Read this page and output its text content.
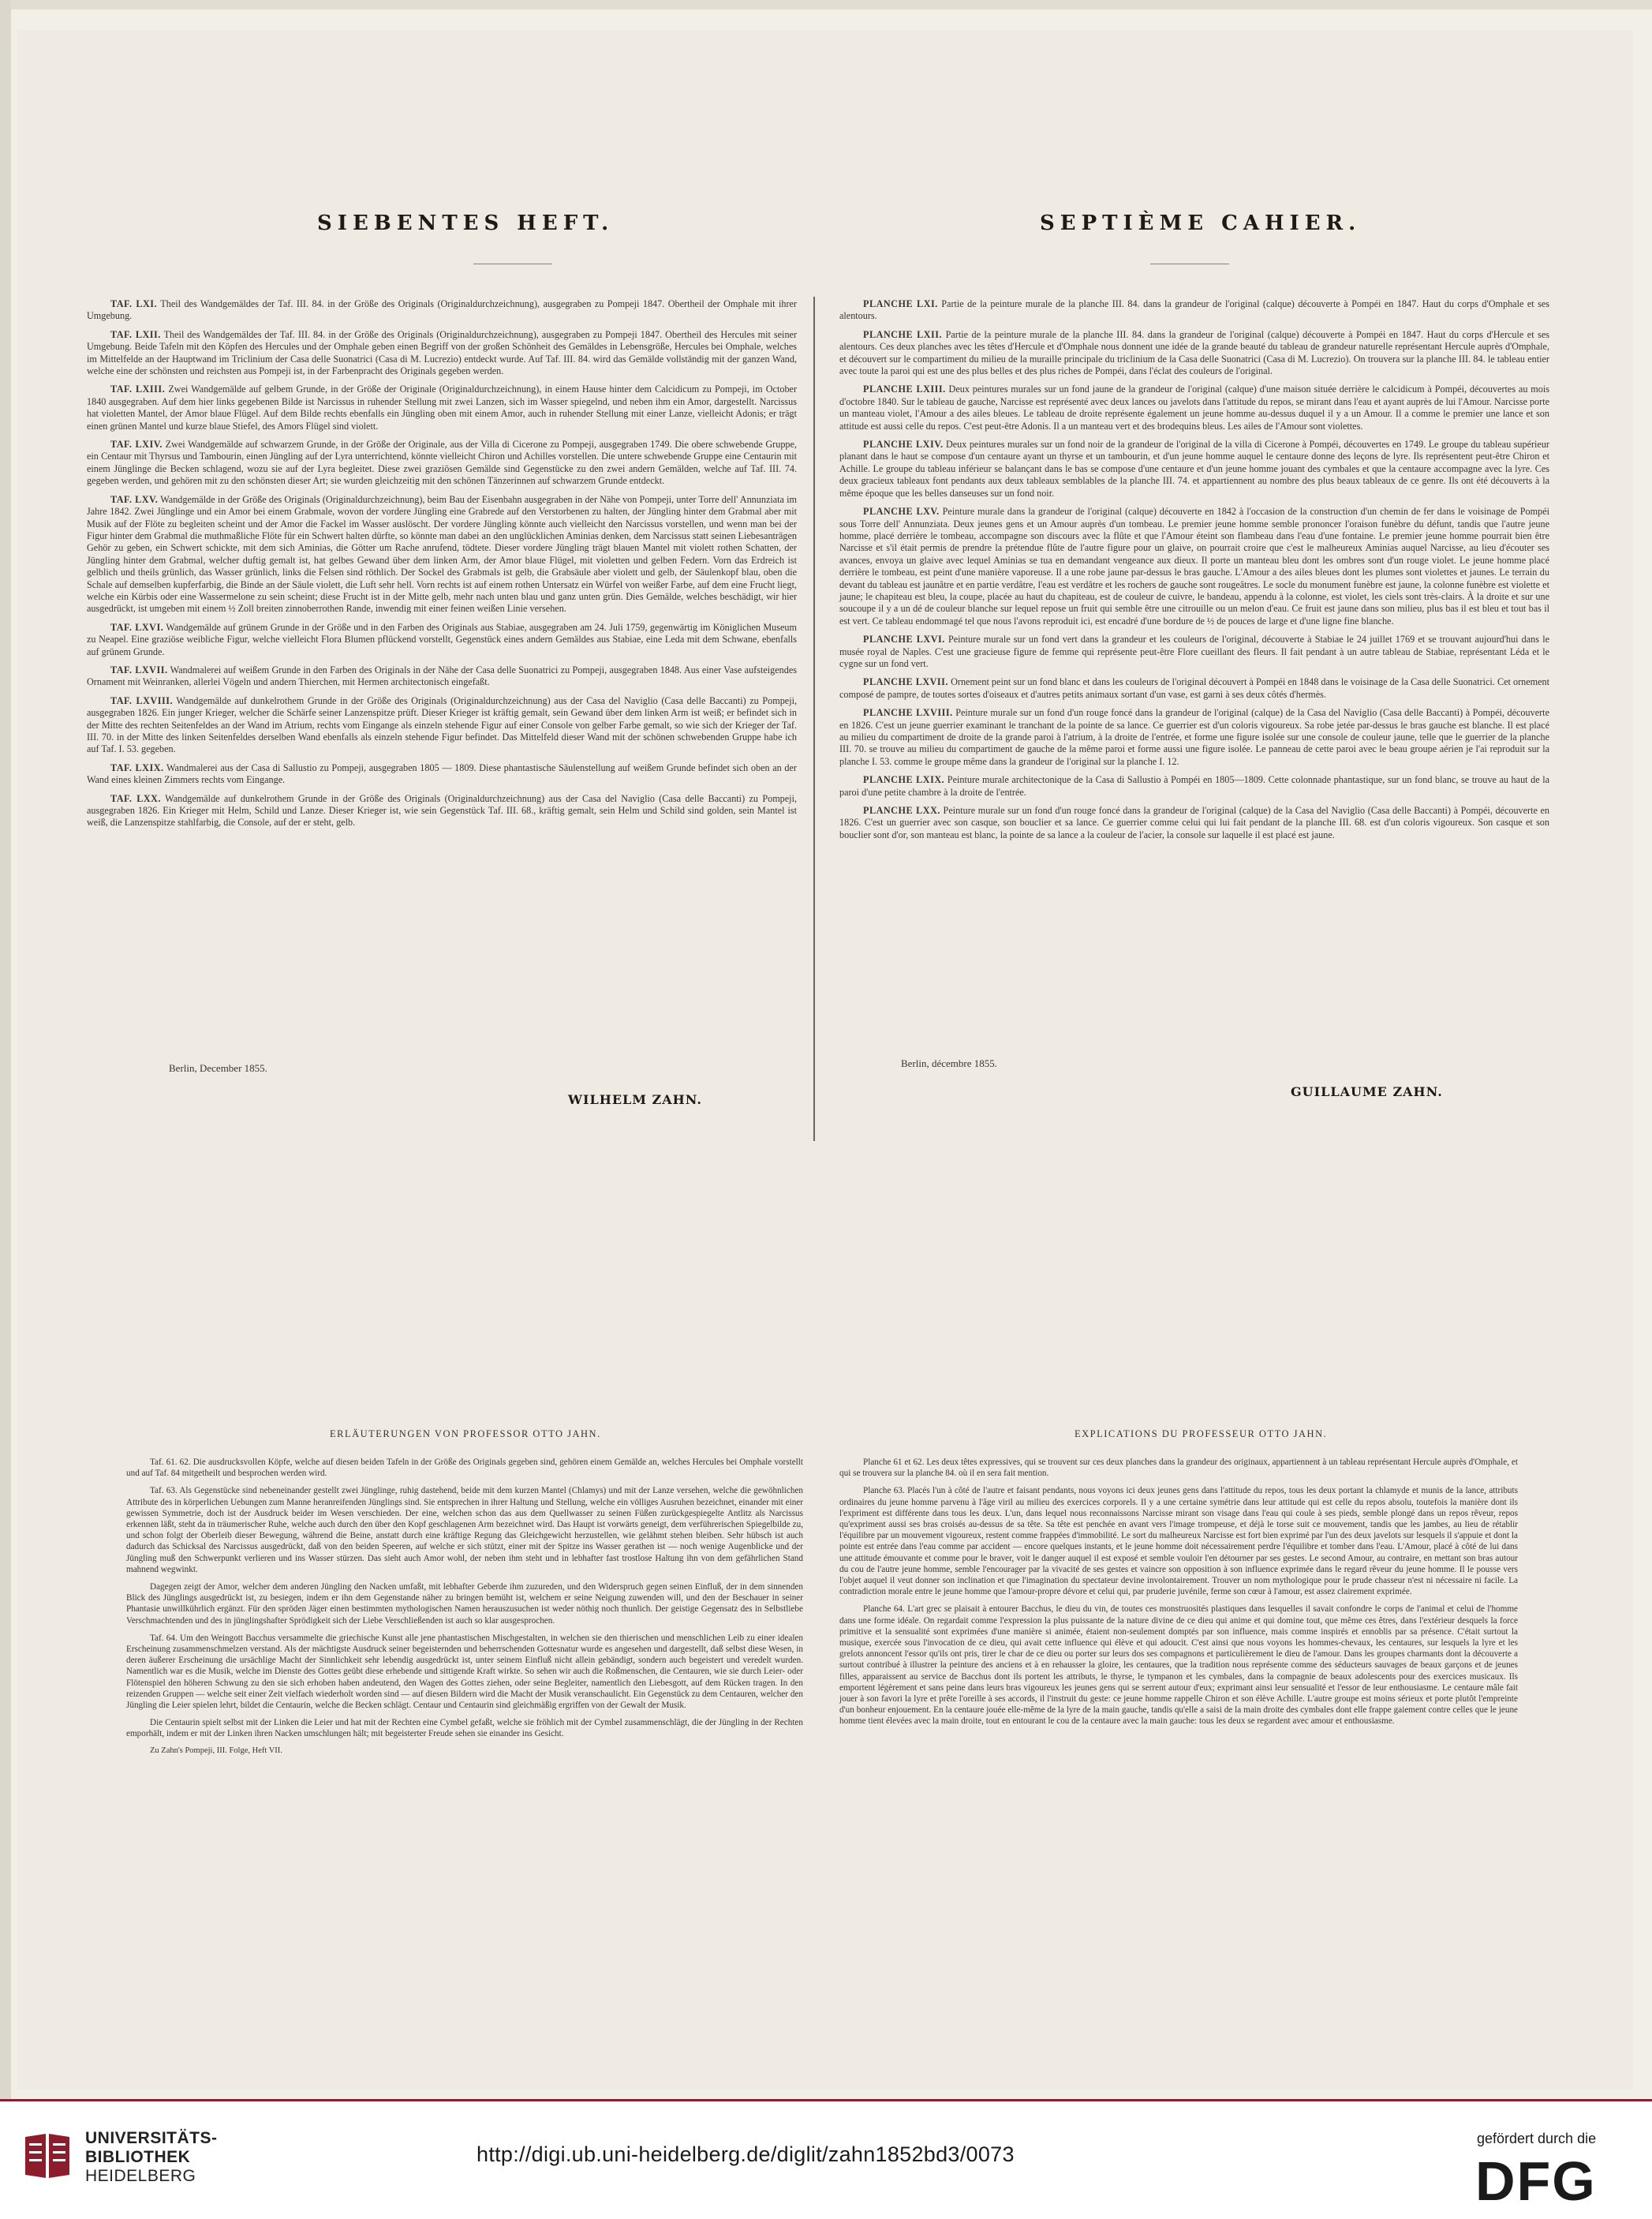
SIEBENTES HEFT.	SEPTIÈME CAHIER.

TAF. LXI. Theil des Wandgemäldes der Taf. III. 84. in der Größe des Originals (Originaldurchzeichnung), ausgegraben zu Pompeji 1847. Obertheil der Omphale mit ihrer Umgebung.

TAF. LXII. Theil des Wandgemäldes der Taf. III. 84. in der Größe des Originals (Originaldurchzeichnung), ausgegraben zu Pompeji 1847. Obertheil des Hercules mit seiner Umgebung. Beide Tafeln mit den Köpfen des Hercules und der Omphale geben einen Begriff von der großen Schönheit des Gemäldes in Lebensgröße, Hercules bei Omphale, welches im Mittelfelde an der Hauptwand im Triclinium der Casa delle Suonatrici (Casa di M. Lucrezio) entdeckt wurde. Auf Taf. III. 84. wird das Gemälde vollständig mit der ganzen Wand, welche eine der schönsten und reichsten aus Pompeji ist, in der Farbenpracht des Originals gegeben werden.

TAF. LXIII. Zwei Wandgemälde auf gelbem Grunde, in der Größe der Originale (Originaldurchzeichnung), in einem Hause hinter dem Calcidicum zu Pompeji, im October 1840 ausgegraben. Auf dem hier links gegebenen Bilde ist Narcissus in ruhender Stellung mit zwei Lanzen, sich im Wasser spiegelnd, und neben ihm ein Amor, dargestellt. Narcissus hat violetten Mantel, der Amor blaue Flügel. Auf dem Bilde rechts ebenfalls ein Jüngling oben mit einem Amor, auch in ruhender Stellung mit einer Lanze, vielleicht Adonis; er trägt einen grünen Mantel und kurze blaue Stiefel, des Amors Flügel sind violett.

TAF. LXIV. Zwei Wandgemälde auf schwarzem Grunde, in der Größe der Originale, aus der Villa di Cicerone zu Pompeji, ausgegraben 1749. Die obere schwebende Gruppe, ein Centaur mit Thyrsus und Tambourin, einen Jüngling auf der Lyra unterrichtend, könnte vielleicht Chiron und Achilles vorstellen. Die untere schwebende Gruppe eine Centaurin mit einem Jünglinge die Becken schlagend, wozu sie auf der Lyra begleitet. Diese zwei graziösen Gemälde sind Gegenstücke zu den zwei andern Gemälden, welche auf Taf. III. 74. gegeben werden, und gehören mit zu den schönsten dieser Art; sie wurden gleichzeitig mit den schönen Tänzerinnen auf schwarzem Grunde entdeckt.

TAF. LXV. Wandgemälde in der Größe des Originals (Originaldurchzeichnung), beim Bau der Eisenbahn ausgegraben in der Nähe von Pompeji, unter Torre dell' Annunziata im Jahre 1842. Zwei Jünglinge und ein Amor bei einem Grabmale, wovon der vordere Jüngling eine Grabrede auf den Verstorbenen zu halten, der Jüngling hinter dem Grabmal aber mit Musik auf der Flöte zu begleiten scheint und der Amor die Fackel im Wasser auslöscht. Der vordere Jüngling könnte auch vielleicht den Narcissus vorstellen, und wenn man bei der Figur hinter dem Grabmal die muthmaßliche Flöte für ein Schwert halten dürfte, so könnte man dabei an den unglücklichen Aminias denken, dem Narcissus statt seinen Liebesanträgen Gehör zu geben, ein Schwert schickte, mit dem sich Aminias, die Götter um Rache anrufend, tödtete. Dieser vordere Jüngling trägt blauen Mantel mit violett rothen Schatten, der Jüngling hinter dem Grabmal, welcher duftig gemalt ist, hat gelbes Gewand über dem linken Arm, der Amor blaue Flügel, mit violetten und gelben Federn. Vorn das Erdreich ist gelblich und theils grünlich, das Wasser grünlich, links die Felsen sind röthlich. Der Sockel des Grabmals ist gelb, die Grabsäule aber violett und gelb, der Säulenkopf blau, oben die Schale auf demselben kupferfarbig, die Binde an der Säule violett, die Luft sehr hell. Vorn rechts ist auf einem rothen Untersatz ein Würfel von weißer Farbe, auf dem eine Frucht liegt, welche ein Kürbis oder eine Wassermelone zu sein scheint; diese Frucht ist in der Mitte gelb, mehr nach unten blau und ganz unten grün. Dies Gemälde, welches beschädigt, wir hier ausgedrückt, ist umgeben mit einem ½ Zoll breiten zinnoberrothen Rande, inwendig mit einer feinen weißen Linie versehen.

TAF. LXVI. Wandgemälde auf grünem Grunde in der Größe und in den Farben des Originals aus Stabiae, ausgegraben am 24. Juli 1759, gegenwärtig im Königlichen Museum zu Neapel. Eine graziöse weibliche Figur, welche vielleicht Flora Blumen pflückend vorstellt, Gegenstück eines andern Gemäldes aus Stabiae, eine Leda mit dem Schwane, ebenfalls auf grünem Grunde.

TAF. LXVII. Wandmalerei auf weißem Grunde in den Farben des Originals in der Nähe der Casa delle Suonatrici zu Pompeji, ausgegraben 1848. Aus einer Vase aufsteigendes Ornament mit Weinranken, allerlei Vögeln und andern Thierchen, mit Hermen architectonisch eingefaßt.

TAF. LXVIII. Wandgemälde auf dunkelrothem Grunde in der Größe des Originals (Originaldurchzeichnung) aus der Casa del Naviglio (Casa delle Baccanti) zu Pompeji, ausgegraben 1826. Ein junger Krieger, welcher die Schärfe seiner Lanzenspitze prüft. Dieser Krieger ist kräftig gemalt, sein Gewand über dem linken Arm ist weiß; er befindet sich in der Mitte des rechten Seitenfeldes an der Wand im Atrium, rechts vom Eingange als einzeln stehende Figur auf einer Console von gelber Farbe gemalt, so wie sich der Krieger der Taf. III. 70. in der Mitte des linken Seitenfeldes derselben Wand ebenfalls als einzeln stehende Figur befindet. Das Mittelfeld dieser Wand mit der schönen schwebenden Gruppe habe ich auf Taf. I. 53. gegeben.

TAF. LXIX. Wandmalerei aus der Casa di Sallustio zu Pompeji, ausgegraben 1805 — 1809. Diese phantastische Säulenstellung auf weißem Grunde befindet sich oben an der Wand eines kleinen Zimmers rechts vom Eingange.

TAF. LXX. Wandgemälde auf dunkelrothem Grunde in der Größe des Originals (Originaldurchzeichnung) aus der Casa del Naviglio (Casa delle Baccanti) zu Pompeji, ausgegraben 1826. Ein Krieger mit Helm, Schild und Lanze. Dieser Krieger ist, wie sein Gegenstück Taf. III. 68., kräftig gemalt, sein Helm und Schild sind golden, sein Mantel ist weiß, die Lanzenspitze stahlfarbig, die Console, auf der er steht, gelb.

Berlin, December 1855.
WILHELM ZAHN.

PLANCHE LXI. Partie de la peinture murale de la planche III. 84. dans la grandeur de l'original (calque) découverte à Pompéi en 1847. Haut du corps d'Omphale et ses alentours.

PLANCHE LXII. Partie de la peinture murale de la planche III. 84. dans la grandeur de l'original (calque) découverte à Pompéi en 1847. Haut du corps d'Hercule et ses alentours. Ces deux planches avec les têtes d'Hercule et d'Omphale nous donnent une idée de la grande beauté du tableau de grandeur naturelle représentant Hercule auprès d'Omphale, et découvert sur le compartiment du milieu de la muraille principale du triclinium de la Casa delle Suonatrici (Casa di M. Lucrezio). On trouvera sur la planche III. 84. le tableau entier avec toute la paroi qui est une des plus belles et des plus riches de Pompéi, dans l'éclat des couleurs de l'original.

PLANCHE LXIII. Deux peintures murales sur un fond jaune de la grandeur de l'original (calque) d'une maison située derrière le calcidicum à Pompéi, découvertes au mois d'octobre 1840. Sur le tableau de gauche, Narcisse est représenté avec deux lances ou javelots dans l'attitude du repos, se mirant dans l'eau et ayant auprès de lui l'Amour. Narcisse porte un manteau violet, l'Amour a des ailes bleues. Le tableau de droite représente également un jeune homme au-dessus duquel il y a un Amour. Il a comme le premier une lance et son attitude est aussi celle du repos. C'est peut-être Adonis. Il a un manteau vert et des brodequins bleus. Les ailes de l'Amour sont violettes.

PLANCHE LXIV. Deux peintures murales sur un fond noir de la grandeur de l'original de la villa di Cicerone à Pompéi, découvertes en 1749. Le groupe du tableau supérieur planant dans le haut se compose d'un centaure ayant un thyrse et un tambourin, et d'un jeune homme auquel le centaure donne des leçons de lyre. Ils représentent peut-être Chiron et Achille. Le groupe du tableau inférieur se balançant dans le bas se compose d'une centaure et d'un jeune homme jouant des cymbales et que la centaure accompagne avec la lyre. Ces deux gracieux tableaux font pendants aux deux tableaux semblables de la planche III. 74. et appartiennent au nombre des plus beaux tableaux de ce genre. Ils ont été découverts à la même époque que les belles danseuses sur un fond noir.

PLANCHE LXV. Peinture murale dans la grandeur de l'original (calque) découverte en 1842 à l'occasion de la construction d'un chemin de fer dans le voisinage de Pompéi sous Torre dell' Annunziata. Deux jeunes gens et un Amour auprès d'un tombeau. Le premier jeune homme semble prononcer l'oraison funèbre du défunt, tandis que l'autre jeune homme, placé derrière le tombeau, accompagne son discours avec la flûte et que l'Amour éteint son flambeau dans l'eau d'une fontaine. Le premier jeune homme pourrait bien être Narcisse et s'il était permis de prendre la prétendue flûte de l'autre figure pour un glaive, on pourrait croire que c'est le malheureux Aminias auquel Narcisse, au lieu d'écouter ses avances, envoya un glaive avec lequel Aminias se tua en demandant vengeance aux dieux. Il porte un manteau bleu dont les ombres sont d'un rouge violet. Le jeune homme placé derrière le tombeau, est peint d'une manière vaporeuse. Il a une robe jaune par-dessus le bras gauche. L'Amour a des ailes bleues dont les plumes sont violettes et jaunes. Le terrain du devant du tableau est jaunâtre et en partie verdâtre, l'eau est verdâtre et les rochers de gauche sont rougeâtres. Le socle du monument funèbre est jaune, la colonne funèbre est violette et jaune; le chapiteau est bleu, la coupe, placée au haut du chapiteau, est de couleur de cuivre, le bandeau, appendu à la colonne, est violet, les ciels sont très-clairs. À la droite et sur une soucoupe il y a un dé de couleur blanche sur lequel repose un fruit qui semble être une citrouille ou un melon d'eau. Ce fruit est jaune dans son milieu, plus bas il est bleu et tout bas il est vert. Ce tableau endommagé tel que nous l'avons reproduit ici, est encadré d'une bordure de ½ de pouces de large et d'une ligne fine blanche.

PLANCHE LXVI. Peinture murale sur un fond vert dans la grandeur et les couleurs de l'original, découverte à Stabiae le 24 juillet 1769 et se trouvant aujourd'hui dans le musée royal de Naples. C'est une gracieuse figure de femme qui représente peut-être Flore cueillant des fleurs. Il fait pendant à un autre tableau de Stabiae, représentant Léda et le cygne sur un fond vert.

PLANCHE LXVII. Ornement peint sur un fond blanc et dans les couleurs de l'original découvert à Pompéi en 1848 dans le voisinage de la Casa delle Suonatrici. Cet ornement composé de pampre, de toutes sortes d'oiseaux et d'autres petits animaux sortant d'un vase, est garni à ses deux côtés d'hermès.

PLANCHE LXVIII. Peinture murale sur un fond d'un rouge foncé dans la grandeur de l'original (calque) de la Casa del Naviglio (Casa delle Baccanti) à Pompéi, découverte en 1826. C'est un jeune guerrier examinant le tranchant de la pointe de sa lance. Ce guerrier est d'un coloris vigoureux. Sa robe jetée par-dessus le bras gauche est blanche. Il est placé au milieu du compartiment de droite de la grande paroi à l'atrium, à la droite de l'entrée, et forme une figure isolée sur une console de couleur jaune, telle que le guerrier de la planche III. 70. se trouve au milieu du compartiment de gauche de la même paroi et forme aussi une figure isolée. Le panneau de cette paroi avec le beau groupe aérien je l'ai reproduit sur la planche I. 53. comme le groupe même dans la grandeur de l'original sur la planche I. 12.

PLANCHE LXIX. Peinture murale architectonique de la Casa di Sallustio à Pompéi en 1805—1809. Cette colonnade phantastique, sur un fond blanc, se trouve au haut de la paroi d'une petite chambre à la droite de l'entrée.

PLANCHE LXX. Peinture murale sur un fond d'un rouge foncé dans la grandeur de l'original (calque) de la Casa del Naviglio (Casa delle Baccanti) à Pompéi, découverte en 1826. C'est un guerrier avec son casque, son bouclier et sa lance. Ce guerrier comme celui qui lui fait pendant de la planche III. 68. est d'un coloris vigoureux. Son casque et son bouclier sont d'or, son manteau est blanc, la pointe de sa lance a la couleur de l'acier, la console sur laquelle il est placé est jaune.

Berlin, décembre 1855.
GUILLAUME ZAHN.
ERLÄUTERUNGEN VON PROFESSOR OTTO JAHN.	EXPLICATIONS DU PROFESSEUR OTTO JAHN.

Taf. 61. 62. Die ausdrucksvollen Köpfe, welche auf diesen beiden Tafeln in der Größe des Originals gegeben sind, gehören einem Gemälde an, welches Hercules bei Omphale vorstellt und auf Taf. 84 mitgetheilt und besprochen werden wird.

Taf. 63. Als Gegenstücke sind nebeneinander gestellt zwei Jünglinge, ruhig dastehend, beide mit dem kurzen Mantel (Chlamys) und mit der Lanze versehen, welche die gewöhnlichen Attribute des in körperlichen Uebungen zum Manne heranreifenden Jünglings sind. Sie entsprechen in ihrer Haltung und Stellung, welche ein völliges Ausruhen bezeichnet, einander mit einer gewissen Symmetrie, doch ist der Ausdruck beider im Wesen verschieden. Der eine, welchen schon das aus dem Quellwasser zu seinen Füßen zurückgespiegelte Antlitz als Narcissus erkennen läßt, steht da in träumerischer Ruhe, welche auch durch den über den Kopf geschlagenen Arm bezeichnet wird. Das Haupt ist vorwärts geneigt, dem verführerischen Spiegelbilde zu, und schon folgt der Oberleib dieser Bewegung, während die Beine, anstatt durch eine kräftige Regung das Gleichgewicht herzustellen, wie gelähmt stehen bleiben. Sehr hübsch ist auch dadurch das Schicksal des Narcissus ausgedrückt, daß von den beiden Speeren, auf welche er sich stützt, einer mit der Spitze ins Wasser gerathen ist — noch wenige Augenblicke und der Jüngling muß den Schwerpunkt verlieren und ins Wasser stürzen. Das sieht auch Amor wohl, der neben ihm steht und in lebhafter fast trostlose Haltung ihn von dem gefährlichen Stand mahnend wegwinkt.

Dagegen zeigt der Amor, welcher dem anderen Jüngling den Nacken umfaßt, mit lebhafter Geberde ihm zuzureden, und den Widerspruch gegen seinen Einfluß, der in dem sinnenden Blick des Jünglings ausgedrückt ist, zu besiegen, indem er ihn dem Gegenstande näher zu bringen bemüht ist, welchem er seine Neigung zuwenden will, und den der Beschauer in seiner Phantasie unwillkührlich ergänzt. Für den spröden Jäger einen bestimmten mythologischen Namen herauszusuchen ist weder nöthig noch thunlich. Der geistige Gegensatz des in Selbstliebe Verschmachtenden und des in jünglingshafter Sprödigkeit sich der Liebe Verschließenden ist auch so klar ausgesprochen.

Taf. 64. Um den Weingott Bacchus versammelte die griechische Kunst alle jene phantastischen Mischgestalten, in welchen sie den thierischen und menschlichen Leib zu einer idealen Erscheinung zusammenschmelzen verstand. Als der mächtigste Ausdruck seiner begeisternden und beherrschenden Gottesnatur wurde es angesehen und dargestellt, daß selbst diese Wesen, in deren äußerer Erscheinung die ursächlige Macht der Sinnlichkeit sehr lebendig ausgedrückt ist, unter seinem Einfluß nicht allein gebändigt, sondern auch begeistert und veredelt wurden. Namentlich war es die Musik, welche im Dienste des Gottes geübt diese erhebende und sittigende Kraft wirkte. So sehen wir auch die Roßmenschen, die Centauren, wie sie durch Leier- oder Flötenspiel den höheren Schwung zu den sie sich erhoben haben andeutend, den Wagen des Gottes ziehen, oder seine Begleiter, namentlich den Liebesgott, auf dem Rücken tragen. In den reizenden Gruppen — welche seit einer Zeit vielfach wiederholt worden sind — auf diesen Bildern wird die Macht der Musik veranschaulicht. Ein Gegenstück zu dem Centauren, welcher den Jüngling die Leier spielen lehrt, bildet die Centaurin, welche die Becken schlägt. Centaur und Centaurin sind gleichmäßig ergriffen von der Gewalt der Musik.

Die Centaurin spielt selbst mit der Linken die Leier und hat mit der Rechten eine Cymbel gefaßt, welche sie fröhlich mit der Cymbel zusammenschlägt, die der Jüngling in der Rechten emporhält, indem er mit der Linken ihren Nacken umschlungen hält; mit begeisterter Freude sehen sie einander ins Gesicht.

Zu Zahn's Pompeji, III. Folge, Heft VII.

Planche 61 et 62. Les deux têtes expressives, qui se trouvent sur ces deux planches dans la grandeur des originaux, appartiennent à un tableau représentant Hercule auprès d'Omphale, et qui se trouvera sur la planche 84. où il en sera fait mention.

Planche 63. Placés l'un à côté de l'autre et faisant pendants, nous voyons ici deux jeunes gens dans l'attitude du repos, tous les deux portant la chlamyde et munis de la lance, attributs ordinaires du jeune homme parvenu à l'âge viril au milieu des exercices corporels. Il y a une certaine symétrie dans leur attitude qui est celle du repos absolu, toutefois la manière dont ils l'expriment est différente dans tous les deux. L'un, dans lequel nous reconnaissons Narcisse mirant son visage dans l'eau qui coule à ses pieds, semble plongé dans un repos rêveur, repos qu'expriment aussi ses bras croisés au-dessus de sa tête. Sa tête est penchée en avant vers l'image trompeuse, et déjà le torse suit ce mouvement, tandis que les jambes, au lieu de rétablir l'équilibre par un mouvement vigoureux, restent comme frappées d'immobilité. Le sort du malheureux Narcisse est fort bien exprimé par l'un des deux javelots sur lesquels il s'appuie et dont la pointe est entrée dans l'eau comme par accident — encore quelques instants, et le jeune homme doit nécessairement perdre l'équilibre et tomber dans l'eau. L'Amour, placé à côté de lui dans une attitude émouvante et comme pour le braver, voit le danger auquel il est exposé et semble vouloir l'en détourner par ses gestes. Le second Amour, au contraire, en mettant son bras autour du cou de l'autre jeune homme, semble l'encourager par la vivacité de ses gestes et vaincre son opposition à son influence exprimée dans le regard rêveur du jeune homme. Il le pousse vers l'objet auquel il veut donner son inclination et que l'imagination du spectateur devine involontairement. Trouver un nom mythologique pour le prude chasseur n'est ni nécessaire ni facile. La contradiction morale entre le jeune homme que l'amour-propre dévore et celui qui, par pruderie juvénile, ferme son cœur à l'amour, est assez clairement exprimée.

Planche 64. L'art grec se plaisait à entourer Bacchus, le dieu du vin, de toutes ces monstruosités plastiques dans lesquelles il savait confondre le corps de l'animal et celui de l'homme dans une forme idéale. On regardait comme l'expression la plus puissante de la nature divine de ce dieu qui anime et qui domine tout, que même ces êtres, dans l'extérieur desquels la force primitive et la sensualité sont exprimées d'une manière si animée, étaient non-seulement domptés par son influence, mais comme inspirés et ennoblis par sa présence. C'était surtout la musique, exercée sous l'invocation de ce dieu, qui avait cette influence qui élève et qui adoucit. C'est ainsi que nous voyons les hommes-chevaux, les centaures, sur lesquels la lyre et les grelots annoncent l'essor qu'ils ont pris, tirer le char de ce dieu ou porter sur leurs dos ses compagnons et particulièrement le dieu de l'amour. Dans les groupes charmants dont la découverte a surtout contribué à illustrer la peinture des anciens et à en rehausser la gloire, les centaures, que la tradition nous représente comme des séducteurs sauvages de beaux garçons et de jeunes filles, apparaissent au service de Bacchus dont ils portent les attributs, le thyrse, le tympanon et les cymbales, dans la compagnie de beaux adolescents pour des exercices musicaux. Ils emportent légèrement et sans peine dans leurs bras vigoureux les jeunes gens qui se serrent autour d'eux; exprimant ainsi leur sensualité et l'essor de leur enthousiasme. Le centaure mâle fait jouer à son favori la lyre et prête l'oreille à ses accords, il l'instruit du geste: ce jeune homme rappelle Chiron et son élève Achille. L'autre groupe est moins sérieux et porte plutôt l'empreinte d'un bonheur enjouement. En la centaure jouée elle-même de la lyre de la main gauche, tandis qu'elle a saisi de la main droite des cymbales dont elle frappe gaiement contre celles que le jeune homme tient élevées avec la main droite, tout en entourant le cou de la centaure avec la main gauche: tous les deux se regardent avec amour et enthousiasme.

UNIVERSITÄTS-
BIBLIOTHEK
HEIDELBERG
http://digi.ub.uni-heidelberg.de/diglit/zahn1852bd3/0073
gefördert durch die
DFG
